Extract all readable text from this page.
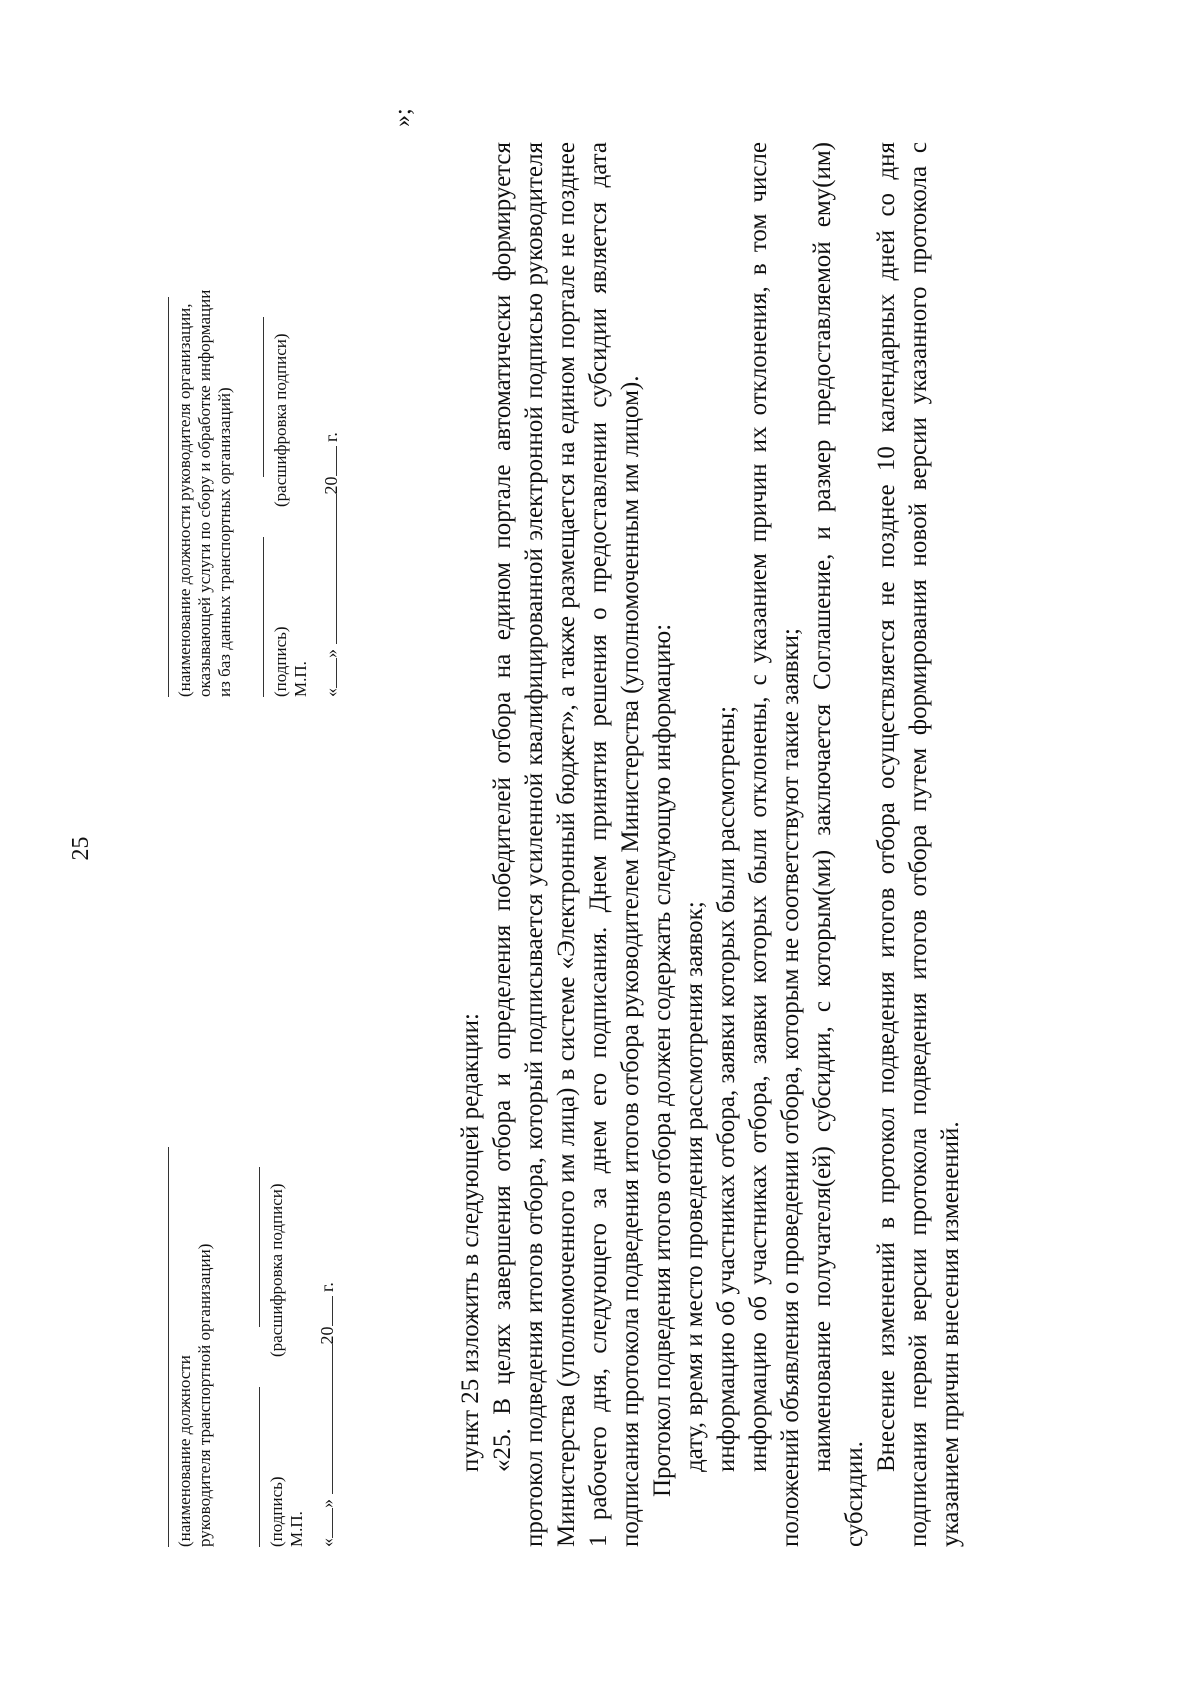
25
(наименование должности
руководителя транспортной организации)
(подпись)(расшифровка подписи)
М.П. «» 20 г.
(наименование должности руководителя организации,
оказывающей услуги по сбору и обработке информации
из баз данных транспортных организаций)
(подпись)(расшифровка подписи)
М.П. «» 20 г.
»;

пункт 25 изложить в следующей редакции: «25. В целях завершения отбора и определения победителей отбора на едином портале автоматически формируется протокол подведения итогов отбора, который подписывается усиленной квалифицированной электронной подписью руководителя Министерства (уполномоченного им лица) в системе «Электронный бюджет», а также размещается на едином портале не позднее 1 рабочего дня, следующего за днем его подписания. Днем принятия решения о предоставлении субсидии является дата подписания протокола подведения итогов отбора руководителем Министерства (уполномоченным им лицом). Протокол подведения итогов отбора должен содержать следующую информацию: дату, время и место проведения рассмотрения заявок; информацию об участниках отбора, заявки которых были рассмотрены; информацию об участниках отбора, заявки которых были отклонены, с указанием причин их отклонения, в том числе положений объявления о проведении отбора, которым не соответствуют такие заявки; наименование получателя(ей) субсидии, с которым(ми) заключается Соглашение, и размер предоставляемой ему(им) субсидии.

Внесение изменений в протокол подведения итогов отбора осуществляется не позднее 10 календарных дней со дня подписания первой версии протокола подведения итогов отбора путем формирования новой версии указанного протокола с указанием причин внесения изменений.
